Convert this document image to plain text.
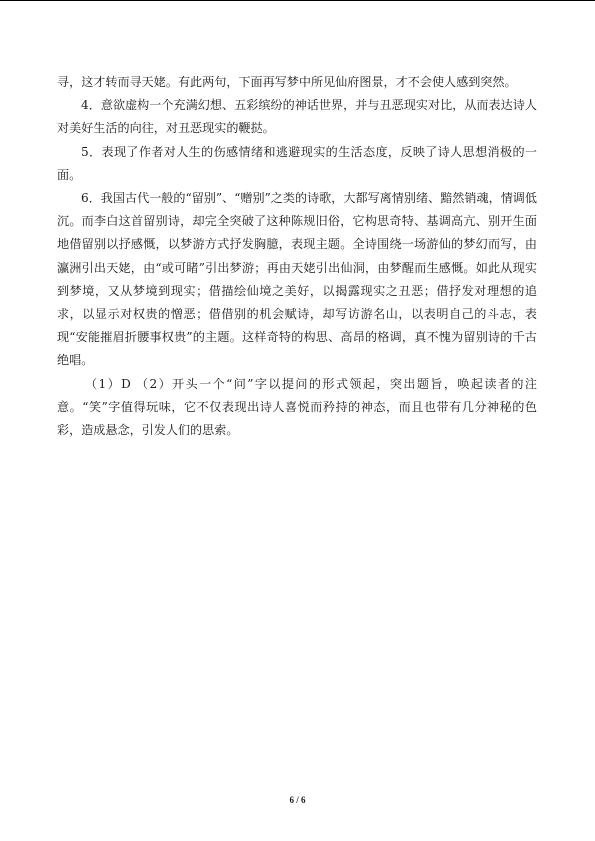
寻，这才转而寻天姥。有此两句，下面再写梦中所见仙府图景，才不会使人感到突然。

4．意欲虚构一个充满幻想、五彩缤纷的神话世界，并与丑恶现实对比，从而表达诗人对美好生活的向往，对丑恶现实的鞭挞。

5．表现了作者对人生的伤感情绪和逃避现实的生活态度，反映了诗人思想消极的一面。

6．我国古代一般的“留别”、“赠别”之类的诗歌，大都写离情别绪、黯然销魂，情调低沉。而李白这首留别诗，却完全突破了这种陈规旧俗，它构思奇特、基调高亢、别开生面地借留别以抒感慨，以梦游方式抒发胸臆，表现主题。全诗围绕一场游仙的梦幻而写，由瀛洲引出天姥，由“或可睹”引出梦游；再由天姥引出仙洞，由梦醒而生感慨。如此从现实到梦境，又从梦境到现实；借描绘仙境之美好，以揭露现实之丑恶；借抒发对理想的追求，以显示对权贵的憎恶；借借别的机会赋诗，却写访游名山，以表明自己的斗志，表现“安能摧眉折腰事权贵”的主题。这样奇特的构思、高昂的格调，真不愧为留别诗的千古绝唱。

（1）D （2）开头一个“问”字以提问的形式领起，突出题旨，唤起读者的注意。“笑”字值得玩味，它不仅表现出诗人喜悦而矜持的神态，而且也带有几分神秘的色彩，造成悬念，引发人们的思索。

6 / 6
